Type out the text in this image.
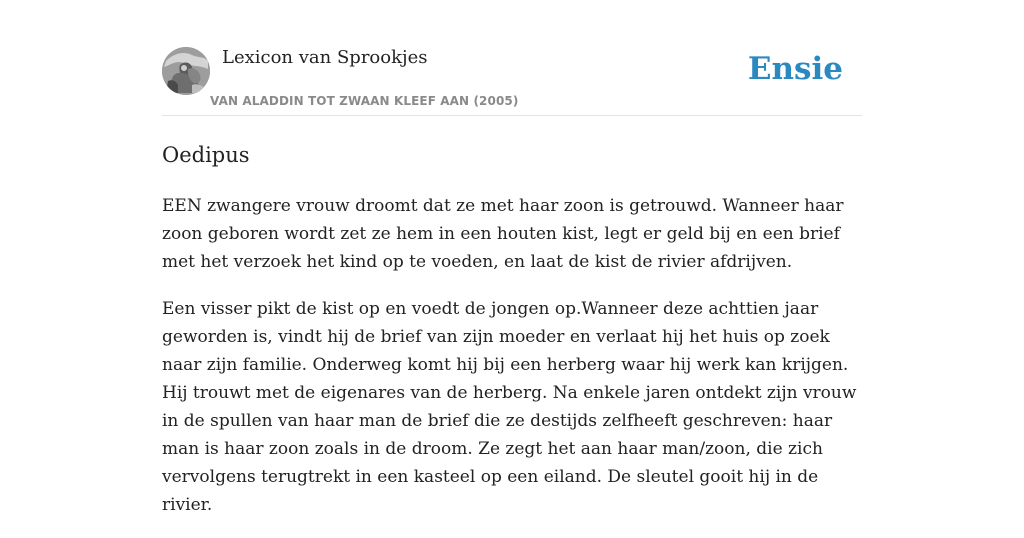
Lexicon van Sprookjes
VAN ALADDIN TOT ZWAAN KLEEF AAN (2005)
Ensie
Oedipus

EEN zwangere vrouw droomt dat ze met haar zoon is getrouwd. Wanneer haar zoon geboren wordt zet ze hem in een houten kist, legt er geld bij en een brief met het verzoek het kind op te voeden, en laat de kist de rivier afdrijven.

Een visser pikt de kist op en voedt de jongen op.Wanneer deze achttien jaar geworden is, vindt hij de brief van zijn moeder en verlaat hij het huis op zoek naar zijn familie. Onderweg komt hij bij een herberg waar hij werk kan krijgen. Hij trouwt met de eigenares van de herberg. Na enkele jaren ontdekt zijn vrouw in de spullen van haar man de brief die ze destijds zelfheeft geschreven: haar man is haar zoon zoals in de droom. Ze zegt het aan haar man/zoon, die zich vervolgens terugtrekt in een kasteel op een eiland. De sleutel gooit hij in de rivier.
